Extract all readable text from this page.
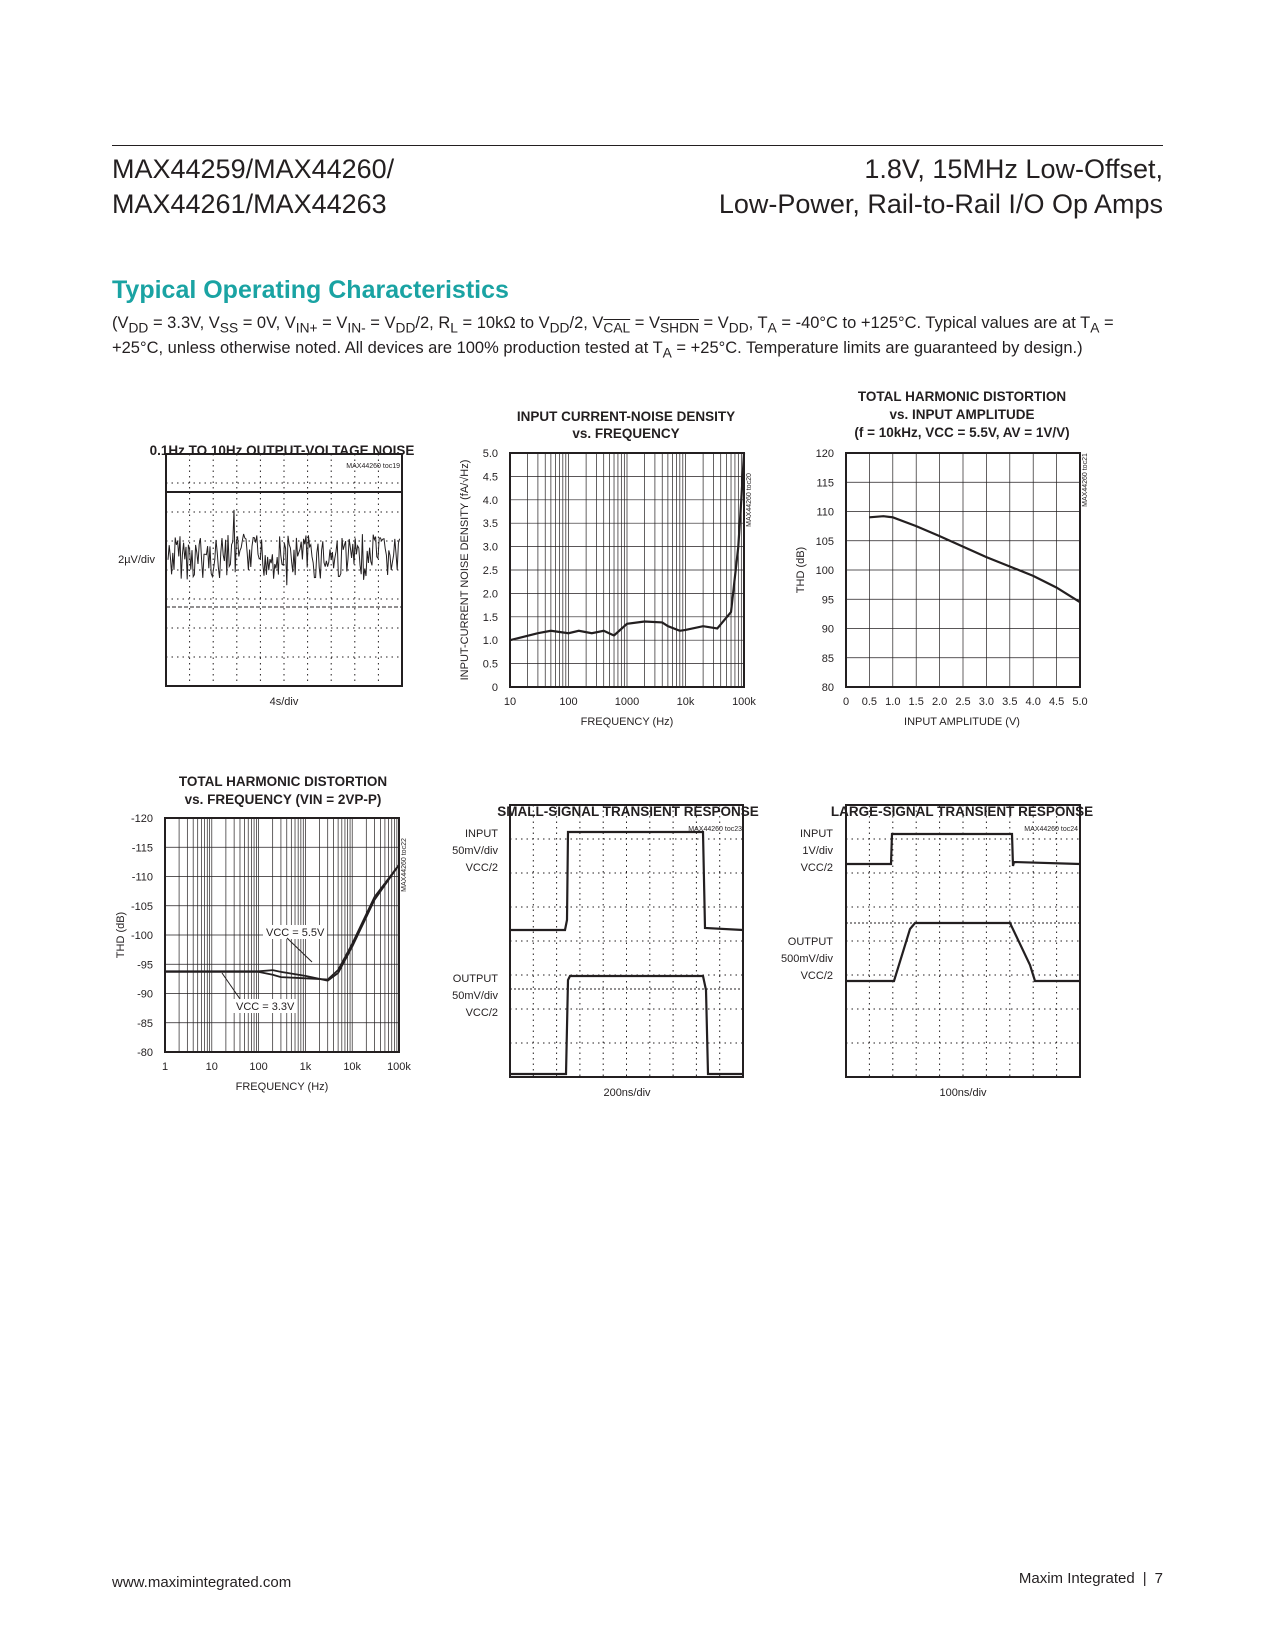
MAX44259/MAX44260/
MAX44261/MAX44263
1.8V, 15MHz Low-Offset,
Low-Power, Rail-to-Rail I/O Op Amps
Typical Operating Characteristics
($V_{DD} = 3.3V$, $V_{SS} = 0V$, $V_{IN+} = V_{IN-} = V_{DD}/2$, $R_L = 10k\Omega$ to $V_{DD}/2$, $V_{\overline{CAL}} = V_{SHDN} = V_{DD}$, $T_A = -40^\circ C$ to +125°C. Typical values are at $T_A = +25^\circ C$, unless otherwise noted. All devices are 100% production tested at $T_A = +25^\circ C$. Temperature limits are guaranteed by design.)
0.1Hz TO 10Hz OUTPUT-VOLTAGE NOISE
MAX44260 toc19
2µV/div
4s/div
INPUT CURRENT-NOISE DENSITY
vs. FREQUENCY
0
0.5
1.0
1.5
2.0
2.5
3.0
3.5
4.0
4.5
5.0
10	100	1000	10k	100k
FREQUENCY (Hz)
INPUT-CURRENT NOISE DENSITY (fA/√Hz)	MAX44260 toc20
TOTAL HARMONIC DISTORTION
vs. INPUT AMPLITUDE
(f = 10kHz, VCC = 5.5V, AV = 1V/V)
80
85
90
95
100
105
110
115
120
0 0.5 1.0 1.5 2.0 2.5 3.0 3.5 4.0 4.5 5.0
INPUT AMPLITUDE (V)
THD (dB)
MAX44260 toc21
TOTAL HARMONIC DISTORTION
vs. FREQUENCY (VIN = 2VP-P)
-80
-85
-90
-95
-100
-105
-110
-115
-120
1	10	100	1k	10k 100k
VCC = 5.5V
VCC = 3.3V
FREQUENCY (Hz)
THD (dB)
MAX44260 toc22
SMALL-SIGNAL TRANSIENT RESPONSE
MAX44260 toc23
INPUT
50mV/div
VCC/2
OUTPUT
50mV/div
VCC/2
200ns/div
LARGE-SIGNAL TRANSIENT RESPONSE
MAX44260 toc24
INPUT
1V/div
VCC/2
OUTPUT
500mV/div
VCC/2
100ns/div
www.maximintegrated.com	Maxim Integrated | 7
